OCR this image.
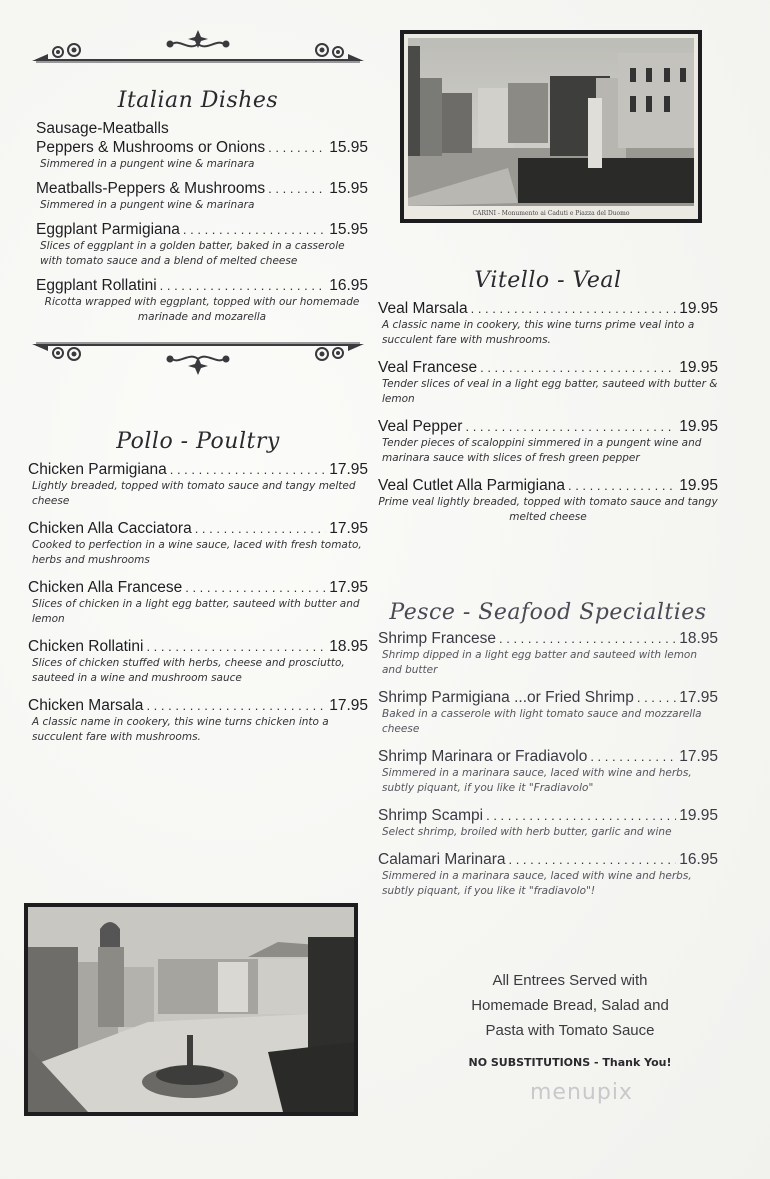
Italian Dishes
Sausage-Meatballs
Peppers & Mushrooms or Onions . . .	15.95
Simmered in a pungent wine & marinara
Meatballs-Peppers & Mushrooms . . .	15.95
Simmered in a pungent wine & marinara
Eggplant Parmigiana . . .	15.95
Slices of eggplant in a golden batter, baked in a casserole with tomato sauce and a blend of melted cheese
Eggplant Rollatini . . .	16.95
Ricotta wrapped with eggplant, topped with our homemade marinade and mozarella
Pollo - Poultry
Chicken Parmigiana . . .	17.95
Lightly breaded, topped with tomato sauce and tangy melted cheese
Chicken Alla Cacciatora . . .	17.95
Cooked to perfection in a wine sauce, laced with fresh tomato, herbs and mushrooms
Chicken Alla Francese . . .	17.95
Slices of chicken in a light egg batter, sauteed with butter and lemon
Chicken Rollatini . . .	18.95
Slices of chicken stuffed with herbs, cheese and prosciutto, sauteed in a wine and mushroom sauce
Chicken Marsala . . .	17.95
A classic name in cookery, this wine turns chicken into a succulent fare with mushrooms.
CARINI - Monumento ai Caduti e Piazza del Duomo
Vitello - Veal
Veal Marsala . . .	19.95
A classic name in cookery, this wine turns prime veal into a succulent fare with mushrooms.
Veal Francese . . .	19.95
Tender slices of veal in a light egg batter, sauteed with butter & lemon
Veal Pepper . . .	19.95
Tender pieces of scaloppini simmered in a pungent wine and marinara sauce with slices of fresh green pepper
Veal Cutlet Alla Parmigiana . . .	19.95
Prime veal lightly breaded, topped with tomato sauce and tangy melted cheese
Pesce - Seafood Specialties
Shrimp Francese . . .	18.95
Shrimp dipped in a light egg batter and sauteed with lemon and butter
Shrimp Parmigiana ...or Fried Shrimp . . .	17.95
Baked in a casserole with light tomato sauce and mozzarella cheese
Shrimp Marinara or Fradiavolo . . .	17.95
Simmered in a marinara sauce, laced with wine and herbs, subtly piquant, if you like it "Fradiavolo"
Shrimp Scampi . . .	19.95
Select shrimp, broiled with herb butter, garlic and wine
Calamari Marinara . . .	16.95
Simmered in a marinara sauce, laced with wine and herbs, subtly piquant, if you like it "fradiavolo"!
All Entrees Served with
Homemade Bread, Salad and
Pasta with Tomato Sauce
NO SUBSTITUTIONS - Thank You!
menupix
